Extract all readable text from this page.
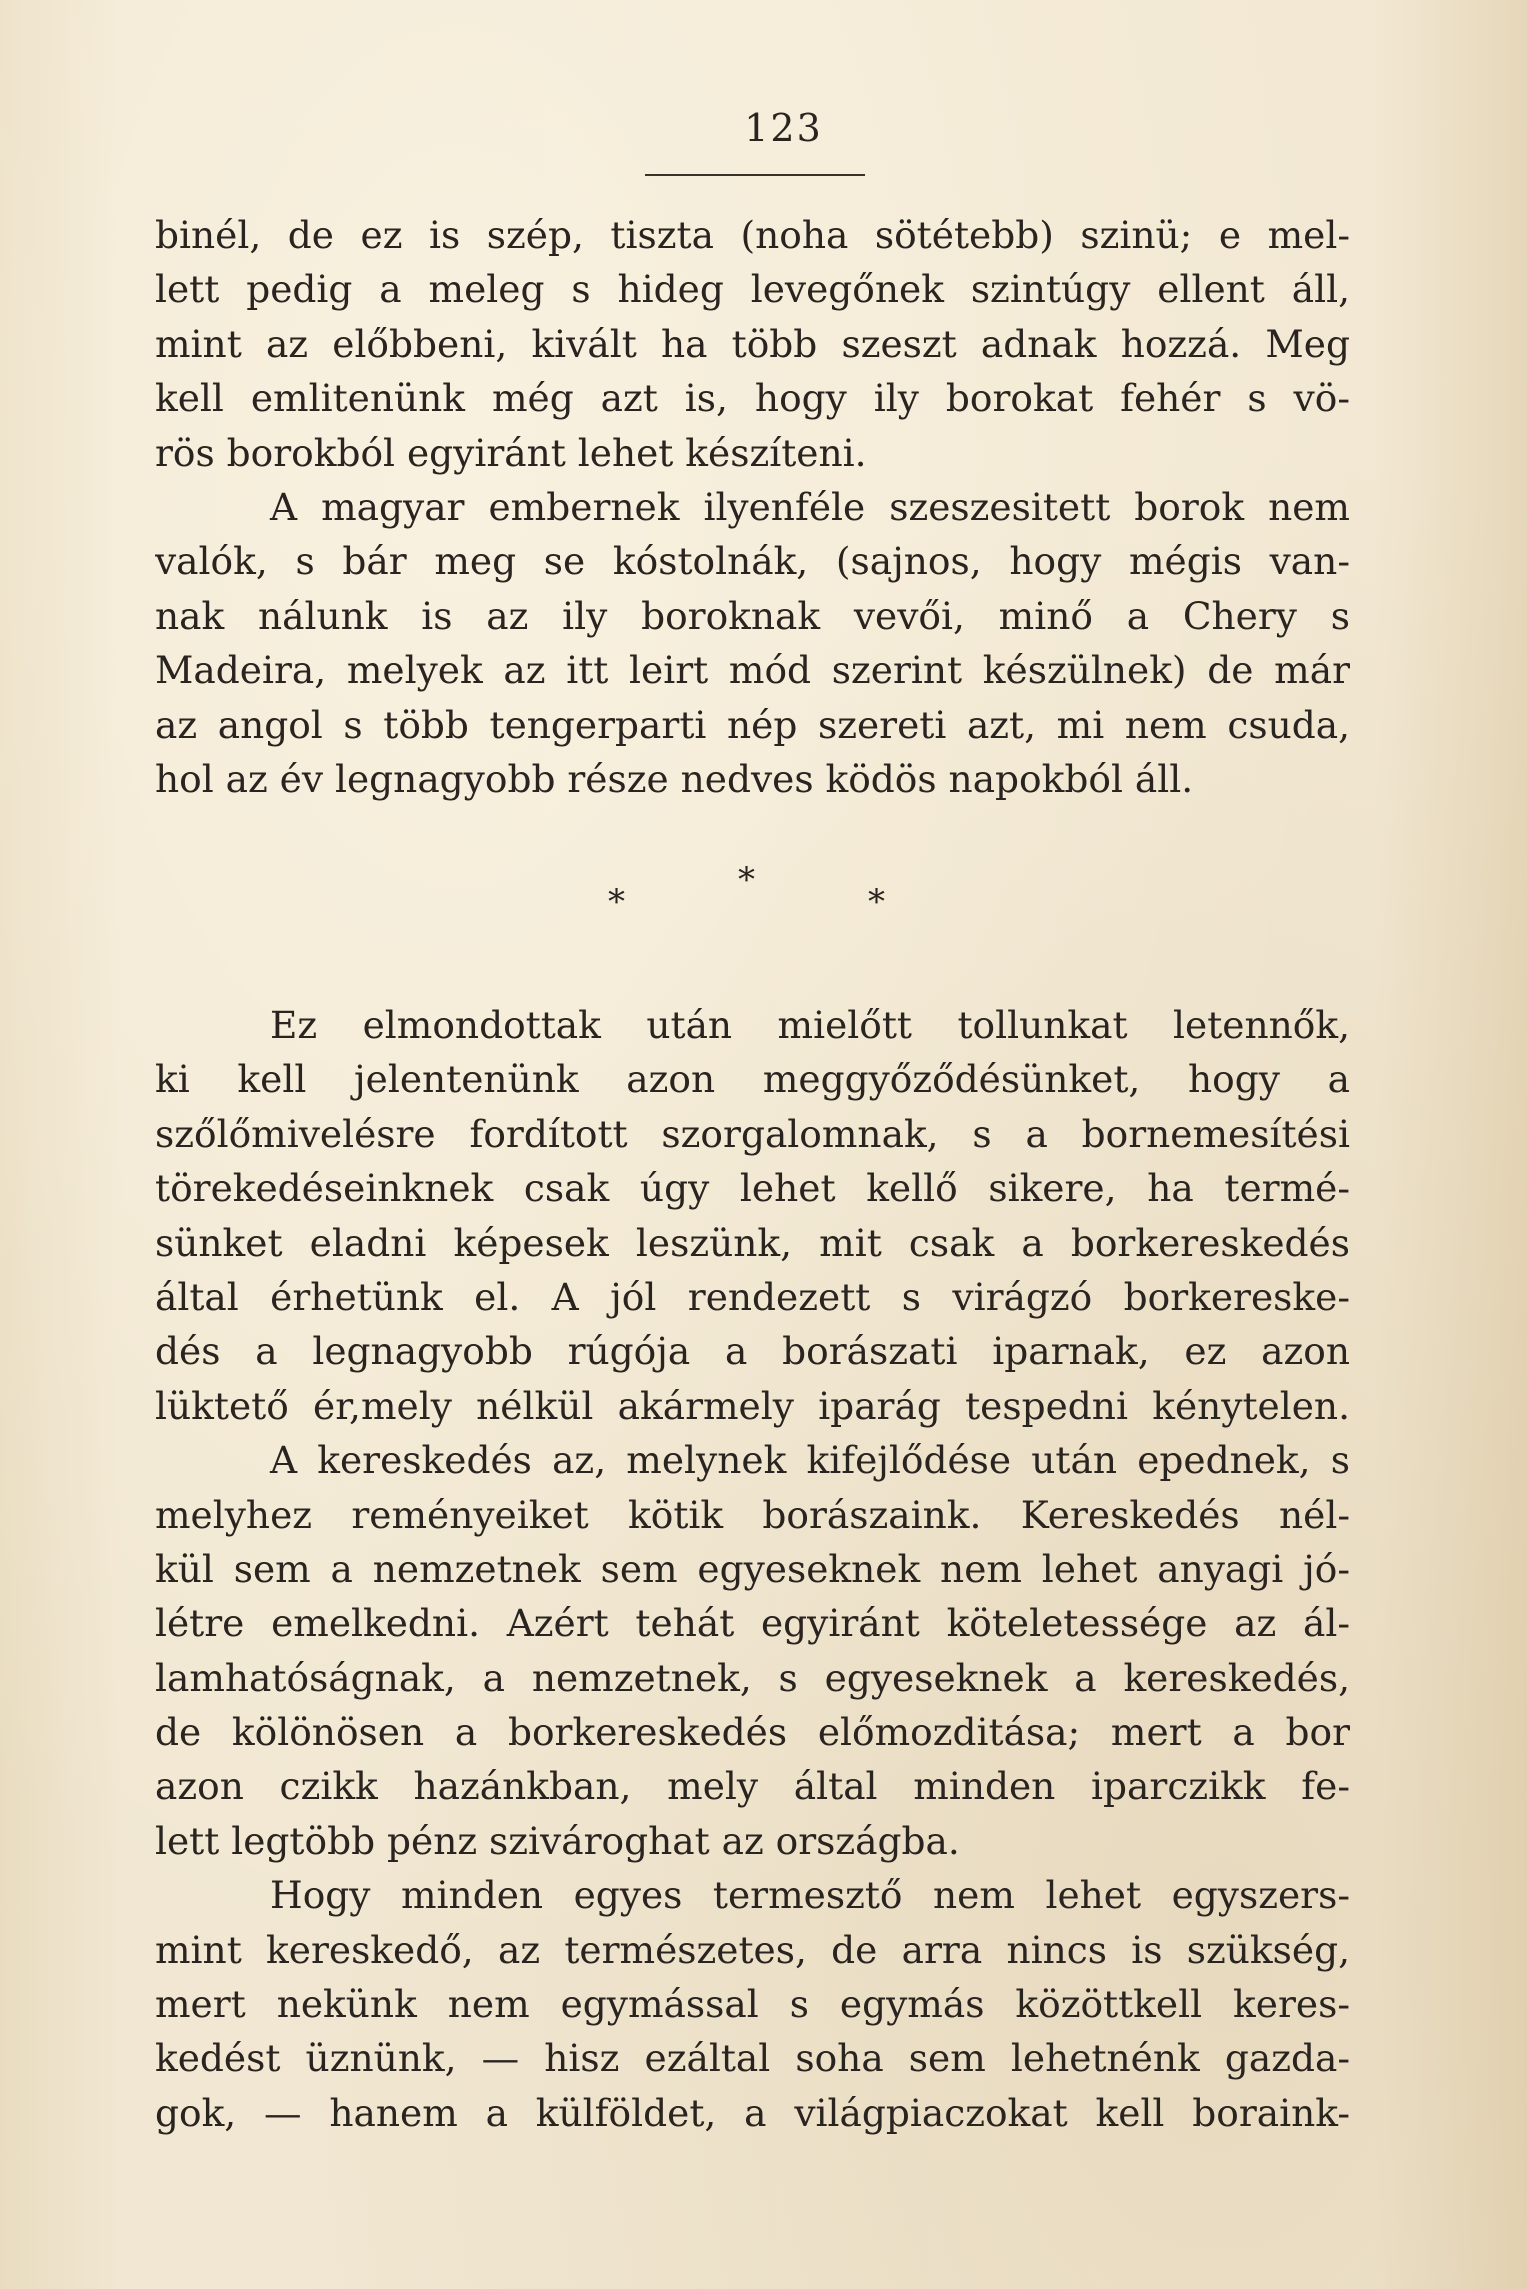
123
binél, de ez is szép, tiszta (noha sötétebb) szinü; e mel-
lett pedig a meleg s hideg levegőnek szintúgy ellent áll,
mint az előbbeni, kivált ha több szeszt adnak hozzá. Meg
kell emlitenünk még azt is, hogy ily borokat fehér s vö-
rös borokból egyiránt lehet készíteni.
A magyar embernek ilyenféle szeszesitett borok nem
valók, s bár meg se kóstolnák, (sajnos, hogy mégis van-
nak nálunk is az ily boroknak vevői, minő a Chery s
Madeira, melyek az itt leirt mód szerint készülnek) de már
az angol s több tengerparti nép szereti azt, mi nem csuda,
hol az év legnagyobb része nedves ködös napokból áll.
*
*	*
Ez elmondottak után mielőtt tollunkat letennők,
ki kell jelentenünk azon meggyőződésünket, hogy a
szőlőmivelésre fordított szorgalomnak, s a bornemesítési
törekedéseinknek csak úgy lehet kellő sikere, ha termé-
sünket eladni képesek leszünk, mit csak a borkereskedés
által érhetünk el. A jól rendezett s virágzó borkereske-
dés a legnagyobb rúgója a borászati iparnak, ez azon
lüktető ér,mely nélkül akármely iparág tespedni kénytelen.
A kereskedés az, melynek kifejlődése után epednek, s
melyhez reményeiket kötik borászaink. Kereskedés nél-
kül sem a nemzetnek sem egyeseknek nem lehet anyagi jó-
létre emelkedni. Azért tehát egyiránt köteletessége az ál-
lamhatóságnak, a nemzetnek, s egyeseknek a kereskedés,
de kölönösen a borkereskedés előmozditása; mert a bor
azon czikk hazánkban, mely által minden iparczikk fe-
lett legtöbb pénz szivároghat az országba.
Hogy minden egyes termesztő nem lehet egyszers-
mint kereskedő, az természetes, de arra nincs is szükség,
mert nekünk nem egymással s egymás közöttkell keres-
kedést üznünk, — hisz ezáltal soha sem lehetnénk gazda-
gok, — hanem a külföldet, a világpiaczokat kell boraink-
